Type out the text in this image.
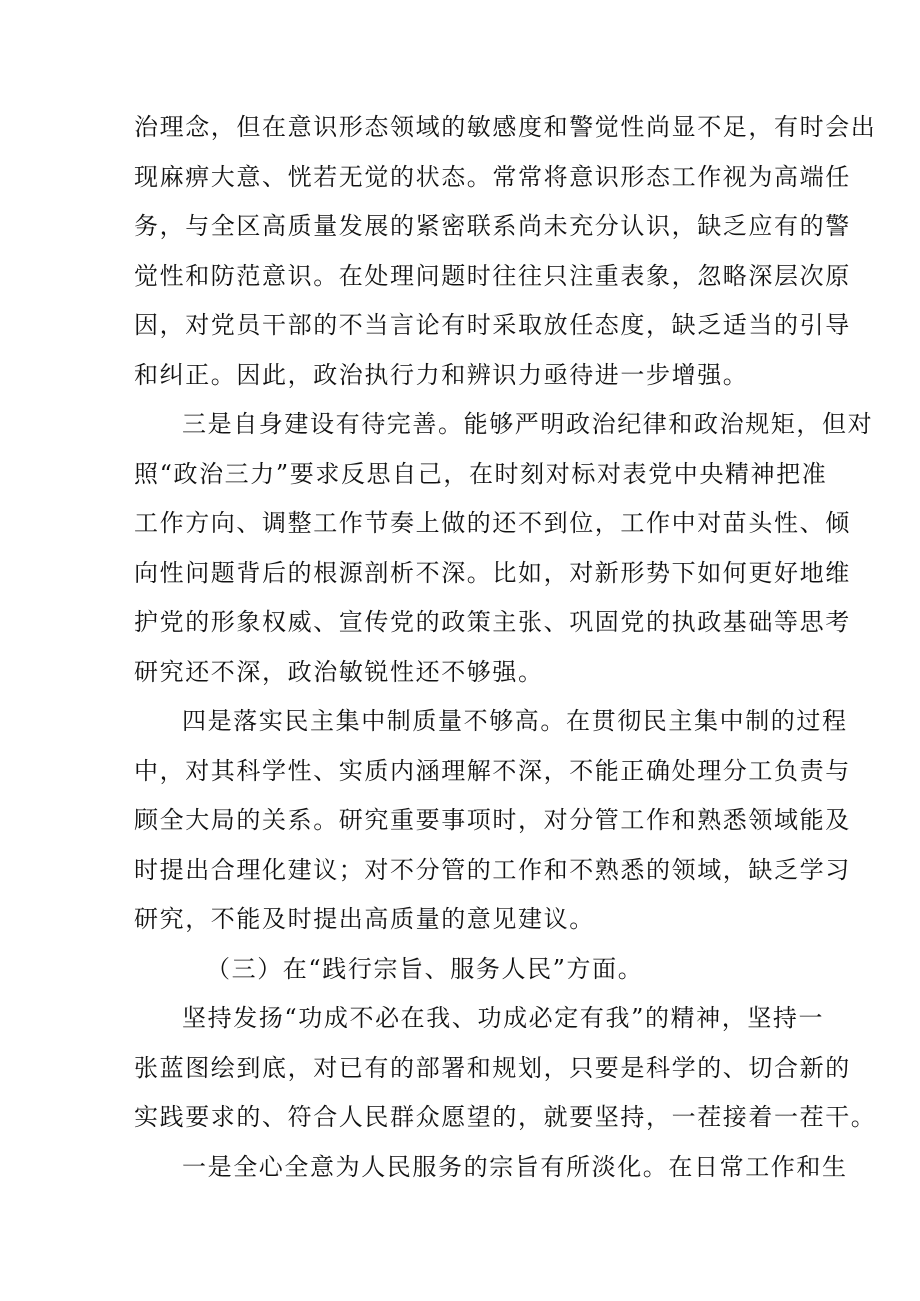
治理念，但在意识形态领域的敏感度和警觉性尚显不足，有时会出
现麻痹大意、恍若无觉的状态。常常将意识形态工作视为高端任
务，与全区高质量发展的紧密联系尚未充分认识，缺乏应有的警
觉性和防范意识。在处理问题时往往只注重表象，忽略深层次原
因，对党员干部的不当言论有时采取放任态度，缺乏适当的引导
和纠正。因此，政治执行力和辨识力亟待进一步增强。
三是自身建设有待完善。能够严明政治纪律和政治规矩，但对
照“政治三力”要求反思自己，在时刻对标对表党中央精神把准
工作方向、调整工作节奏上做的还不到位，工作中对苗头性、倾
向性问题背后的根源剖析不深。比如，对新形势下如何更好地维
护党的形象权威、宣传党的政策主张、巩固党的执政基础等思考
研究还不深，政治敏锐性还不够强。
四是落实民主集中制质量不够高。在贯彻民主集中制的过程
中，对其科学性、实质内涵理解不深，不能正确处理分工负责与
顾全大局的关系。研究重要事项时，对分管工作和熟悉领域能及
时提出合理化建议；对不分管的工作和不熟悉的领域，缺乏学习
研究，不能及时提出高质量的意见建议。
（三）在“践行宗旨、服务人民”方面。
坚持发扬“功成不必在我、功成必定有我”的精神，坚持一
张蓝图绘到底，对已有的部署和规划，只要是科学的、切合新的
实践要求的、符合人民群众愿望的，就要坚持，一茬接着一茬干。
一是全心全意为人民服务的宗旨有所淡化。在日常工作和生
